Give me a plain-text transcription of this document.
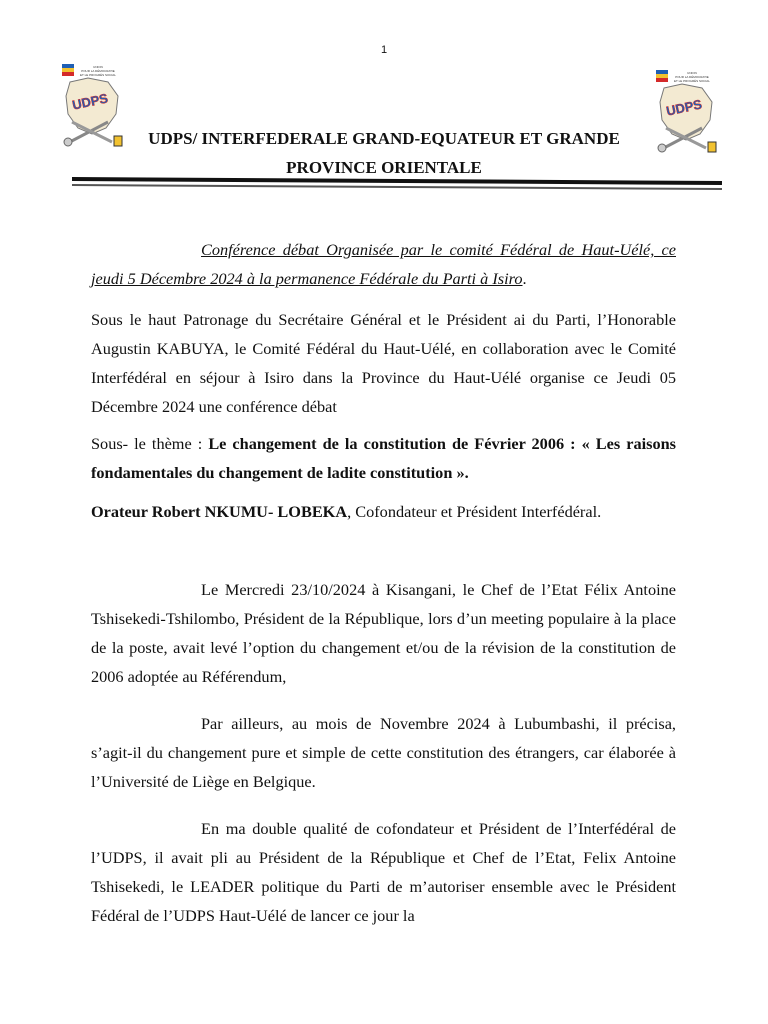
1
UNION
POUR LA DÉMOCRATIE
ET LE PROGRÈS SOCIAL
UDPS
UNION
POUR LA DÉMOCRATIE
ET LE PROGRÈS SOCIAL
UDPS
UDPS/ INTERFEDERALE GRAND-EQUATEUR ET GRANDE
PROVINCE ORIENTALE

Conférence débat Organisée par le comité Fédéral de Haut-Uélé, ce jeudi 5 Décembre 2024 à la permanence Fédérale du Parti à Isiro.

Sous le haut Patronage du Secrétaire Général et le Président ai du Parti, l’Honorable Augustin KABUYA, le Comité Fédéral du Haut-Uélé, en collaboration avec le Comité Interfédéral en séjour à Isiro dans la Province du Haut-Uélé organise ce Jeudi 05 Décembre 2024 une conférence débat

Sous- le thème : Le changement de la constitution de Février 2006 : « Les raisons fondamentales du changement de ladite constitution ».

Orateur Robert NKUMU- LOBEKA, Cofondateur et Président Interfédéral.

Le Mercredi 23/10/2024 à Kisangani, le Chef de l’Etat Félix Antoine Tshisekedi-Tshilombo, Président de la République, lors d’un meeting populaire à la place de la poste, avait levé l’option du changement et/ou de la révision de la constitution de 2006 adoptée au Référendum,

Par ailleurs, au mois de Novembre 2024 à Lubumbashi, il précisa, s’agit-il du changement pure et simple de cette constitution des étrangers, car élaborée à l’Université de Liège en Belgique.

En ma double qualité de cofondateur et Président de l’Interfédéral de l’UDPS, il avait pli au Président de la République et Chef de l’Etat, Felix Antoine Tshisekedi, le LEADER politique du Parti de m’autoriser ensemble avec le Président Fédéral de l’UDPS Haut-Uélé de lancer ce jour la
